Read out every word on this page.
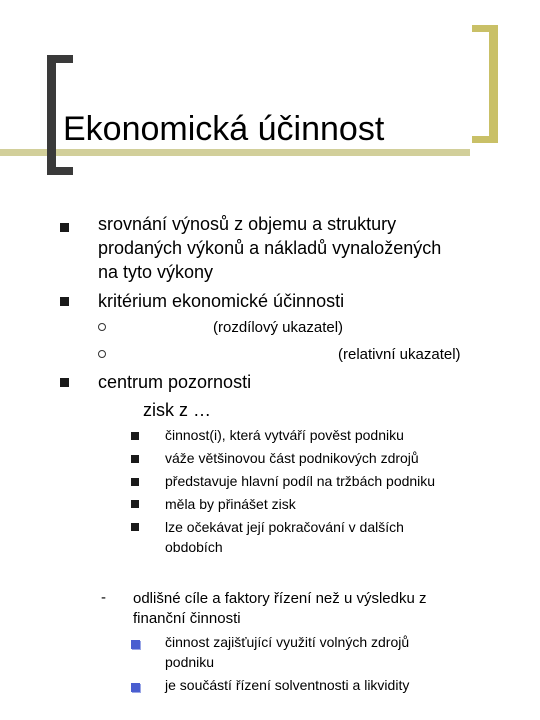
Ekonomická účinnost
srovnání výnosů z objemu a struktury
prodaných výkonů a nákladů vynaložených
na tyto výkony
kritérium ekonomické účinnosti
(rozdílový ukazatel)
(relativní ukazatel)
centrum pozornosti
zisk z …
činnost(i), která vytváří pověst podniku
váže většinovou část podnikových zdrojů
představuje hlavní podíl na tržbách podniku
měla by přinášet zisk
lze očekávat její pokračování v dalších
obdobích
- odlišné cíle a faktory řízení než u výsledku z
finanční činnosti
činnost zajišťující využití volných zdrojů
podniku
je součástí řízení solventnosti a likvidity
